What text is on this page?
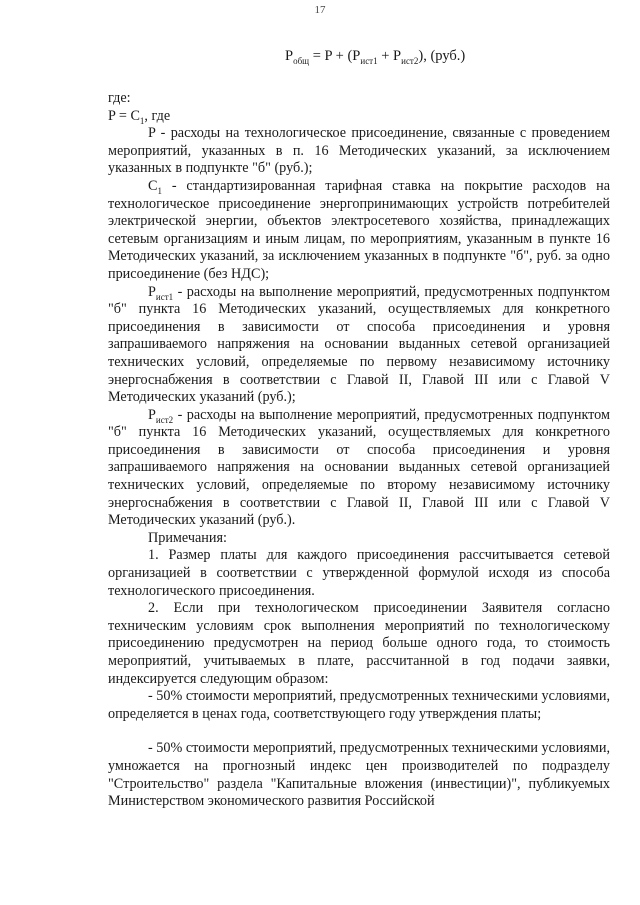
17
$P_{общ} = P + (P_{ист1} + P_{ист2})$, (руб.)

где:

$P = C_1$, где

P - расходы на технологическое присоединение, связанные с проведением мероприятий, указанных в п. 16 Методических указаний, за исключением указанных в подпункте "б" (руб.);

$C_1$ - стандартизированная тарифная ставка на покрытие расходов на технологическое присоединение энергопринимающих устройств потребителей электрической энергии, объектов электросетевого хозяйства, принадлежащих сетевым организациям и иным лицам, по мероприятиям, указанным в пункте 16 Методических указаний, за исключением указанных в подпункте "б", руб. за одно присоединение (без НДС);

$P_{ист1}$ - расходы на выполнение мероприятий, предусмотренных подпунктом "б" пункта 16 Методических указаний, осуществляемых для конкретного присоединения в зависимости от способа присоединения и уровня запрашиваемого напряжения на основании выданных сетевой организацией технических условий, определяемые по первому независимому источнику энергоснабжения в соответствии с Главой II, Главой III или с Главой V Методических указаний (руб.);

$P_{ист2}$ - расходы на выполнение мероприятий, предусмотренных подпунктом "б" пункта 16 Методических указаний, осуществляемых для конкретного присоединения в зависимости от способа присоединения и уровня запрашиваемого напряжения на основании выданных сетевой организацией технических условий, определяемые по второму независимому источнику энергоснабжения в соответствии с Главой II, Главой III или с Главой V Методических указаний (руб.).

Примечания:

1. Размер платы для каждого присоединения рассчитывается сетевой организацией в соответствии с утвержденной формулой исходя из способа технологического присоединения.

2. Если при технологическом присоединении Заявителя согласно техническим условиям срок выполнения мероприятий по технологическому присоединению предусмотрен на период больше одного года, то стоимость мероприятий, учитываемых в плате, рассчитанной в год подачи заявки, индексируется следующим образом:

- 50% стоимости мероприятий, предусмотренных техническими условиями, определяется в ценах года, соответствующего году утверждения платы;

- 50% стоимости мероприятий, предусмотренных техническими условиями, умножается на прогнозный индекс цен производителей по подразделу "Строительство" раздела "Капитальные вложения (инвестиции)", публикуемых Министерством экономического развития Российской
